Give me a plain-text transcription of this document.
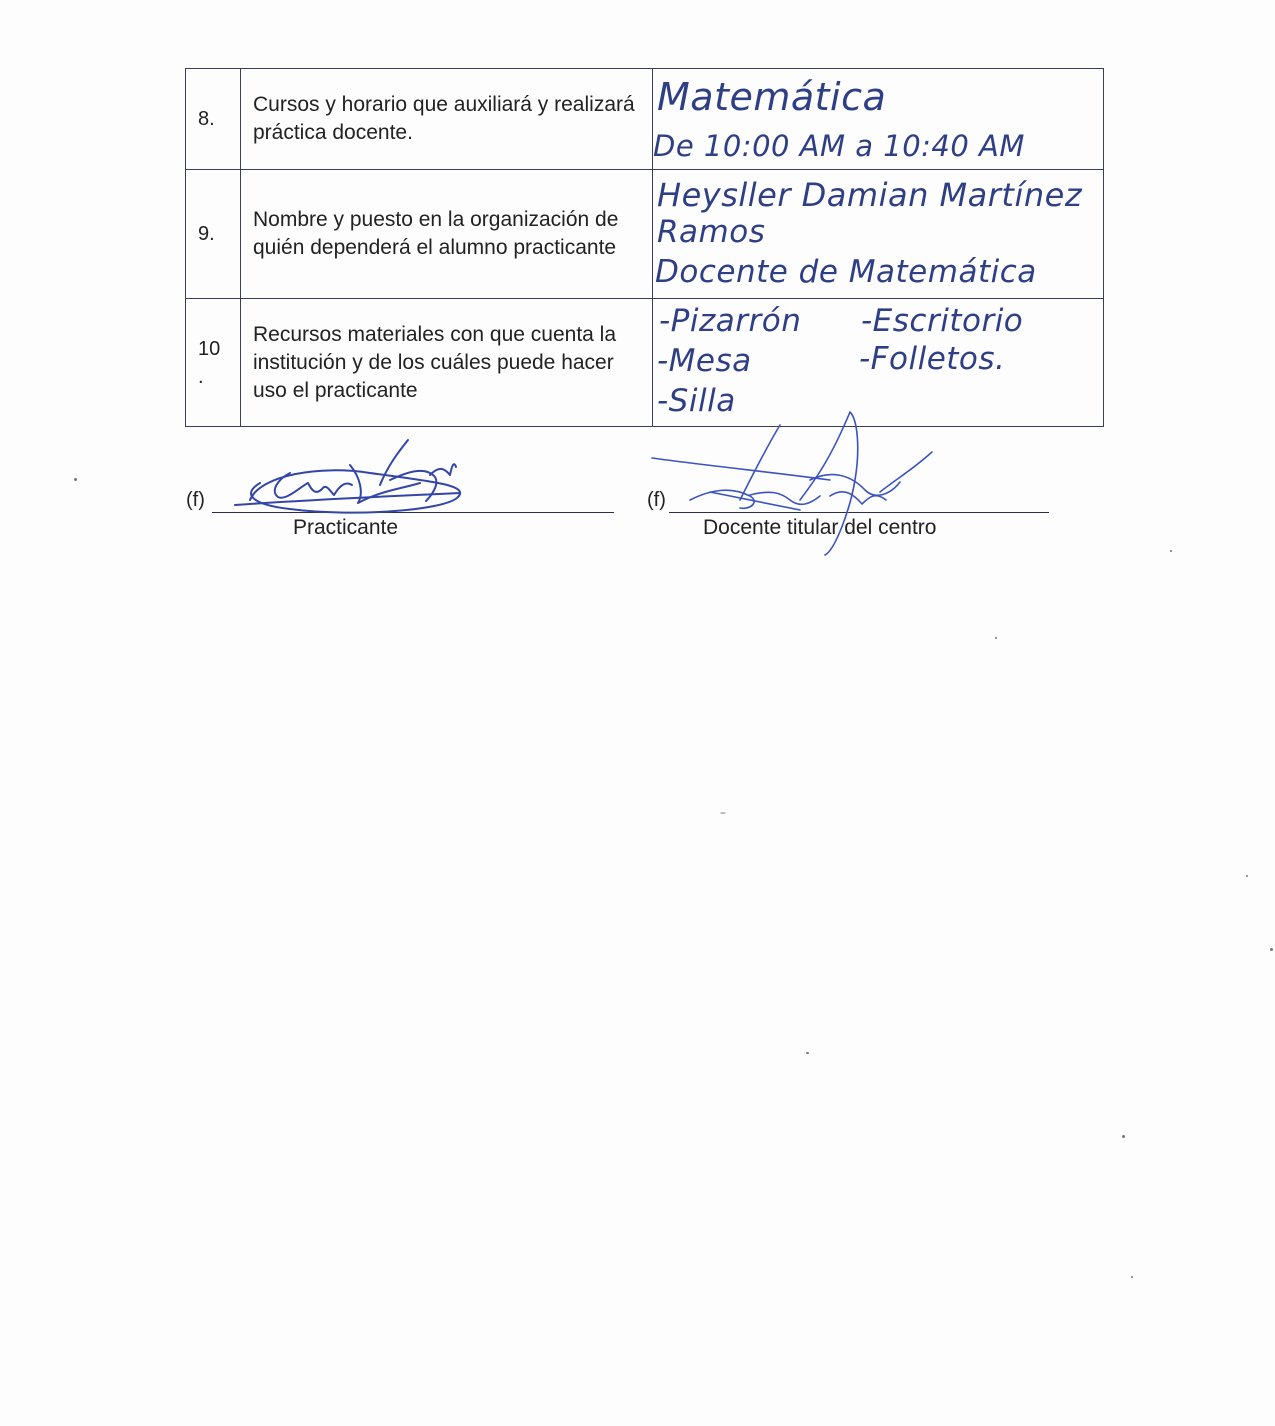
8.	Cursos y horario que auxiliará y realizará práctica docente.	Matemática
De 10:00 AM a 10:40 AM

9.	Nombre y puesto en la organización de quién dependerá el alumno practicante	Heysller Damian Martínez
Ramos
Docente de Matemática

10
.	Recursos materiales con que cuenta la institución y de los cuáles puede hacer uso el practicante	-Pizarrón -Escritorio
-Mesa -Folletos.
-Silla
(f)
Practicante
(f)
Docente titular del centro
